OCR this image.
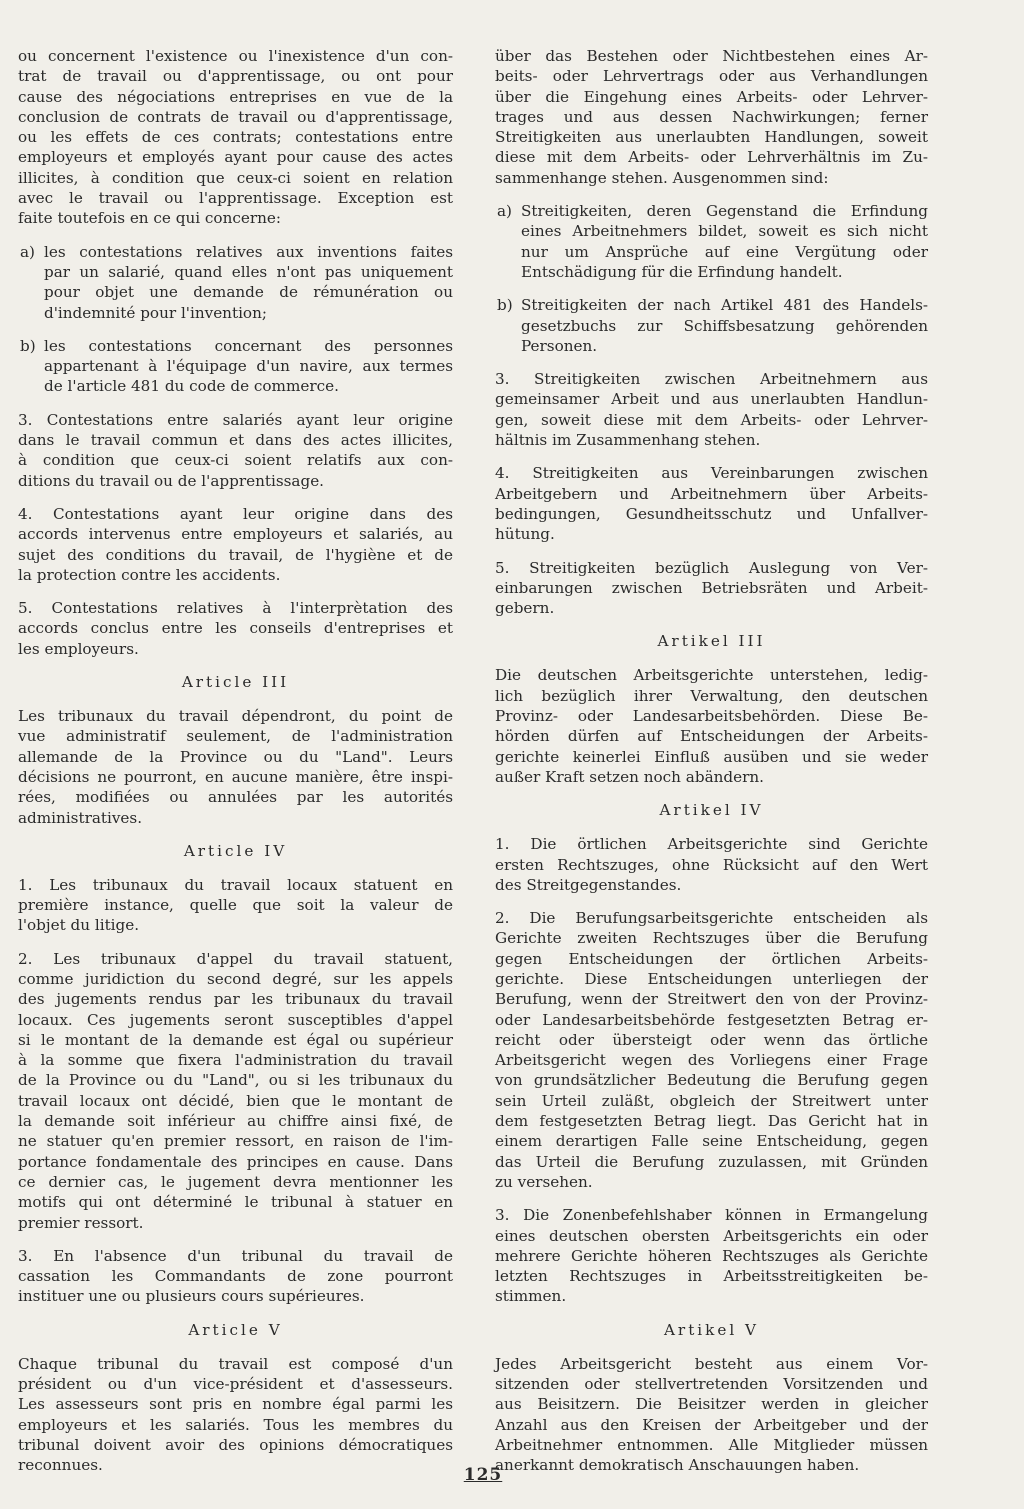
ou concernent l'existence ou l'inexistence d'un con-
trat de travail ou d'apprentissage, ou ont pour
cause des négociations entreprises en vue de la
conclusion de contrats de travail ou d'apprentissage,
ou les effets de ces contrats; contestations entre
employeurs et employés ayant pour cause des actes
illicites, à condition que ceux-ci soient en relation
avec le travail ou l'apprentissage. Exception est
faite toutefois en ce qui concerne:
a) les contestations relatives aux inventions faites
par un salarié, quand elles n'ont pas uniquement
pour objet une demande de rémunération ou
d'indemnité pour l'invention;
b) les contestations concernant des personnes
appartenant à l'équipage d'un navire, aux termes
de l'article 481 du code de commerce.
3. Contestations entre salariés ayant leur origine
dans le travail commun et dans des actes illicites,
à condition que ceux-ci soient relatifs aux con-
ditions du travail ou de l'apprentissage.
4. Contestations ayant leur origine dans des
accords intervenus entre employeurs et salariés, au
sujet des conditions du travail, de l'hygiène et de
la protection contre les accidents.
5. Contestations relatives à l'interprètation des
accords conclus entre les conseils d'entreprises et
les employeurs.
Article III
Les tribunaux du travail dépendront, du point de
vue administratif seulement, de l'administration
allemande de la Province ou du "Land". Leurs
décisions ne pourront, en aucune manière, être inspi-
rées, modifiées ou annulées par les autorités
administratives.
Article IV
1. Les tribunaux du travail locaux statuent en
première instance, quelle que soit la valeur de
l'objet du litige.
2. Les tribunaux d'appel du travail statuent,
comme juridiction du second degré, sur les appels
des jugements rendus par les tribunaux du travail
locaux. Ces jugements seront susceptibles d'appel
si le montant de la demande est égal ou supérieur
à la somme que fixera l'administration du travail
de la Province ou du "Land", ou si les tribunaux du
travail locaux ont décidé, bien que le montant de
la demande soit inférieur au chiffre ainsi fixé, de
ne statuer qu'en premier ressort, en raison de l'im-
portance fondamentale des principes en cause. Dans
ce dernier cas, le jugement devra mentionner les
motifs qui ont déterminé le tribunal à statuer en
premier ressort.
3. En l'absence d'un tribunal du travail de
cassation les Commandants de zone pourront
instituer une ou plusieurs cours supérieures.
Article V
Chaque tribunal du travail est composé d'un
président ou d'un vice-président et d'assesseurs.
Les assesseurs sont pris en nombre égal parmi les
employeurs et les salariés. Tous les membres du
tribunal doivent avoir des opinions démocratiques
reconnues.
über das Bestehen oder Nichtbestehen eines Ar-
beits- oder Lehrvertrags oder aus Verhandlungen
über die Eingehung eines Arbeits- oder Lehrver-
trages und aus dessen Nachwirkungen; ferner
Streitigkeiten aus unerlaubten Handlungen, soweit
diese mit dem Arbeits- oder Lehrverhältnis im Zu-
sammenhange stehen. Ausgenommen sind:
a) Streitigkeiten, deren Gegenstand die Erfindung
eines Arbeitnehmers bildet, soweit es sich nicht
nur um Ansprüche auf eine Vergütung oder
Entschädigung für die Erfindung handelt.
b) Streitigkeiten der nach Artikel 481 des Handels-
gesetzbuchs zur Schiffsbesatzung gehörenden
Personen.
3. Streitigkeiten zwischen Arbeitnehmern aus
gemeinsamer Arbeit und aus unerlaubten Handlun-
gen, soweit diese mit dem Arbeits- oder Lehrver-
hältnis im Zusammenhang stehen.
4. Streitigkeiten aus Vereinbarungen zwischen
Arbeitgebern und Arbeitnehmern über Arbeits-
bedingungen, Gesundheitsschutz und Unfallver-
hütung.
5. Streitigkeiten bezüglich Auslegung von Ver-
einbarungen zwischen Betriebsräten und Arbeit-
gebern.
Artikel III
Die deutschen Arbeitsgerichte unterstehen, ledig-
lich bezüglich ihrer Verwaltung, den deutschen
Provinz- oder Landesarbeitsbehörden. Diese Be-
hörden dürfen auf Entscheidungen der Arbeits-
gerichte keinerlei Einfluß ausüben und sie weder
außer Kraft setzen noch abändern.
Artikel IV
1. Die örtlichen Arbeitsgerichte sind Gerichte
ersten Rechtszuges, ohne Rücksicht auf den Wert
des Streitgegenstandes.
2. Die Berufungsarbeitsgerichte entscheiden als
Gerichte zweiten Rechtszuges über die Berufung
gegen Entscheidungen der örtlichen Arbeits-
gerichte. Diese Entscheidungen unterliegen der
Berufung, wenn der Streitwert den von der Provinz-
oder Landesarbeitsbehörde festgesetzten Betrag er-
reicht oder übersteigt oder wenn das örtliche
Arbeitsgericht wegen des Vorliegens einer Frage
von grundsätzlicher Bedeutung die Berufung gegen
sein Urteil zuläßt, obgleich der Streitwert unter
dem festgesetzten Betrag liegt. Das Gericht hat in
einem derartigen Falle seine Entscheidung, gegen
das Urteil die Berufung zuzulassen, mit Gründen
zu versehen.
3. Die Zonenbefehlshaber können in Ermangelung
eines deutschen obersten Arbeitsgerichts ein oder
mehrere Gerichte höheren Rechtszuges als Gerichte
letzten Rechtszuges in Arbeitsstreitigkeiten be-
stimmen.
Artikel V
Jedes Arbeitsgericht besteht aus einem Vor-
sitzenden oder stellvertretenden Vorsitzenden und
aus Beisitzern. Die Beisitzer werden in gleicher
Anzahl aus den Kreisen der Arbeitgeber und der
Arbeitnehmer entnommen. Alle Mitglieder müssen
anerkannt demokratisch Anschauungen haben.
125
